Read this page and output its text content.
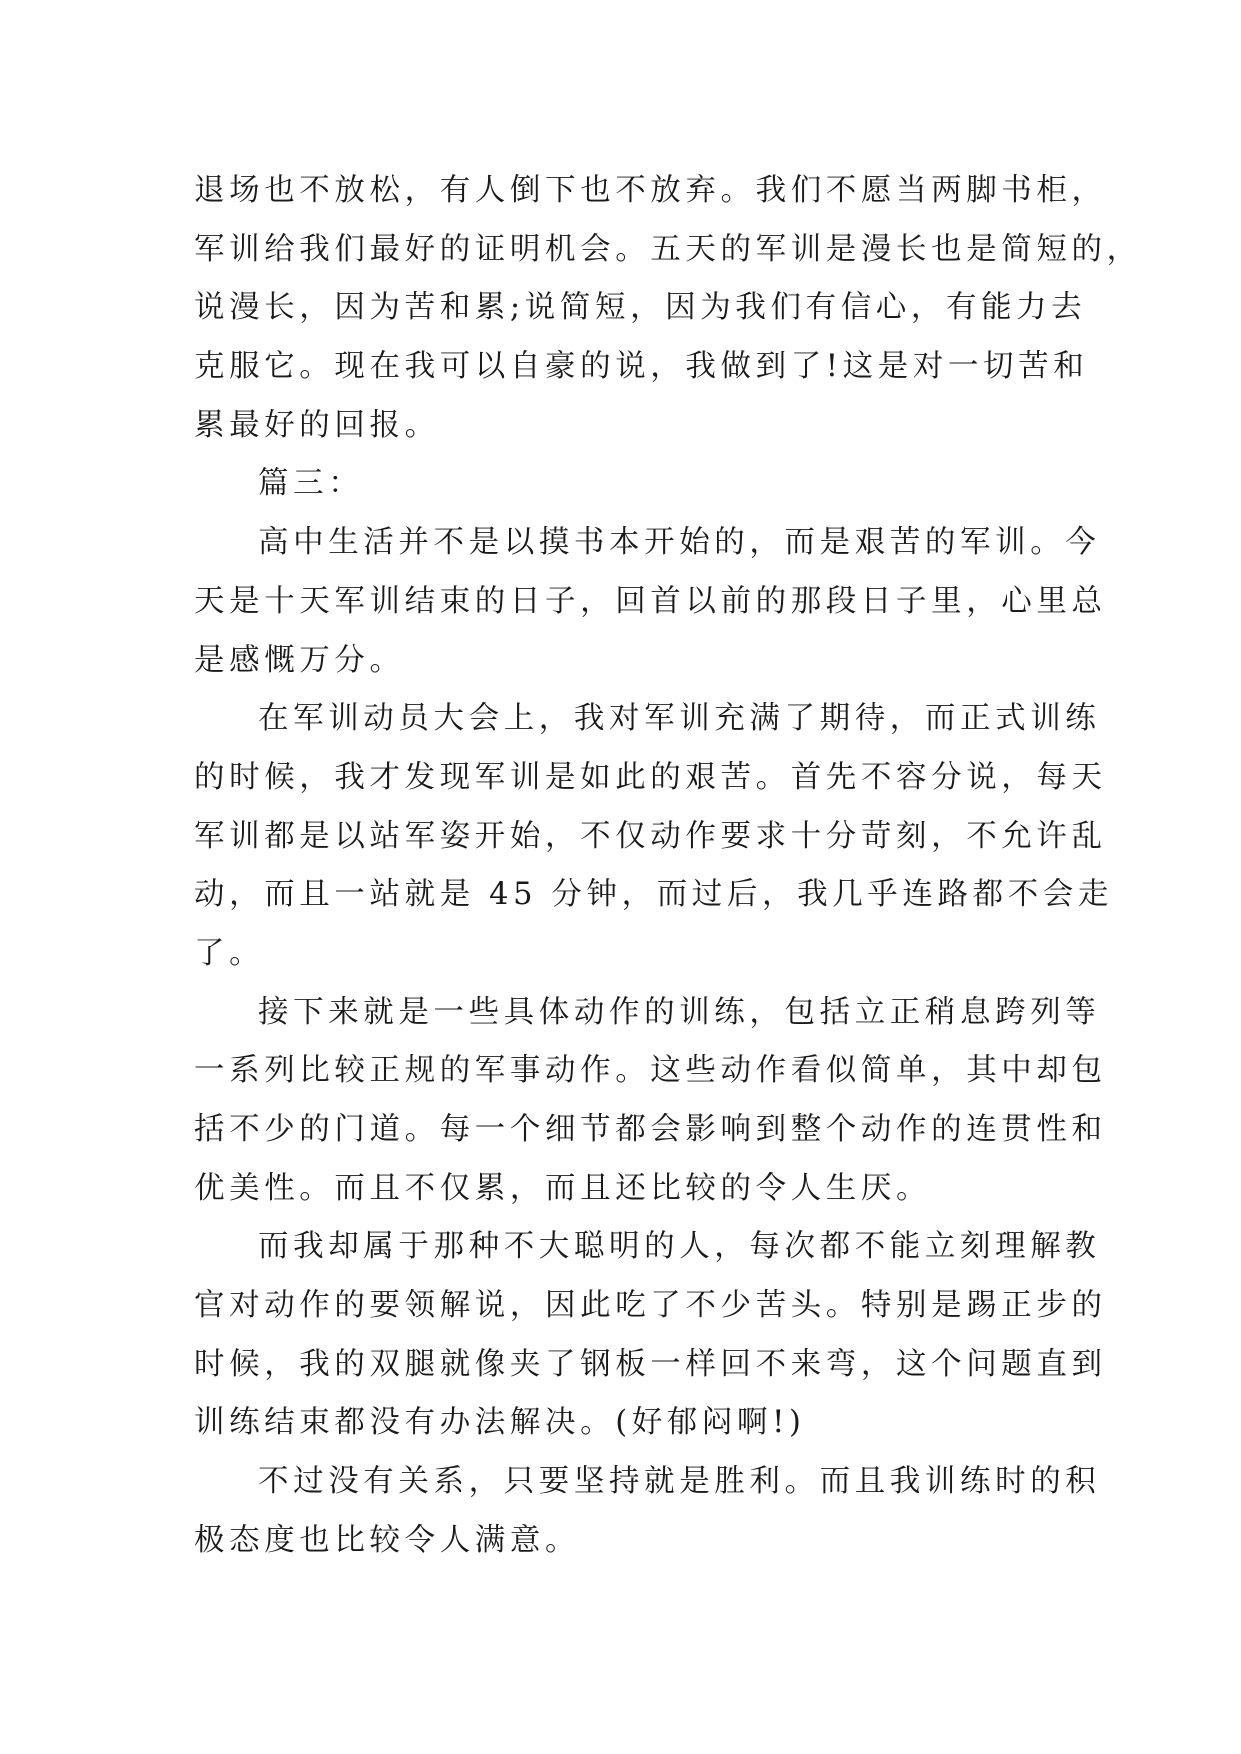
退场也不放松，有人倒下也不放弃。我们不愿当两脚书柜，
军训给我们最好的证明机会。五天的军训是漫长也是简短的，
说漫长，因为苦和累;说简短，因为我们有信心，有能力去
克服它。现在我可以自豪的说，我做到了!这是对一切苦和
累最好的回报。
篇三：
高中生活并不是以摸书本开始的，而是艰苦的军训。今
天是十天军训结束的日子，回首以前的那段日子里，心里总
是感慨万分。
在军训动员大会上，我对军训充满了期待，而正式训练
的时候，我才发现军训是如此的艰苦。首先不容分说，每天
军训都是以站军姿开始，不仅动作要求十分苛刻，不允许乱
动，而且一站就是 45 分钟，而过后，我几乎连路都不会走
了。
接下来就是一些具体动作的训练，包括立正稍息跨列等
一系列比较正规的军事动作。这些动作看似简单，其中却包
括不少的门道。每一个细节都会影响到整个动作的连贯性和
优美性。而且不仅累，而且还比较的令人生厌。
而我却属于那种不大聪明的人，每次都不能立刻理解教
官对动作的要领解说，因此吃了不少苦头。特别是踢正步的
时候，我的双腿就像夹了钢板一样回不来弯，这个问题直到
训练结束都没有办法解决。(好郁闷啊!)
不过没有关系，只要坚持就是胜利。而且我训练时的积
极态度也比较令人满意。
